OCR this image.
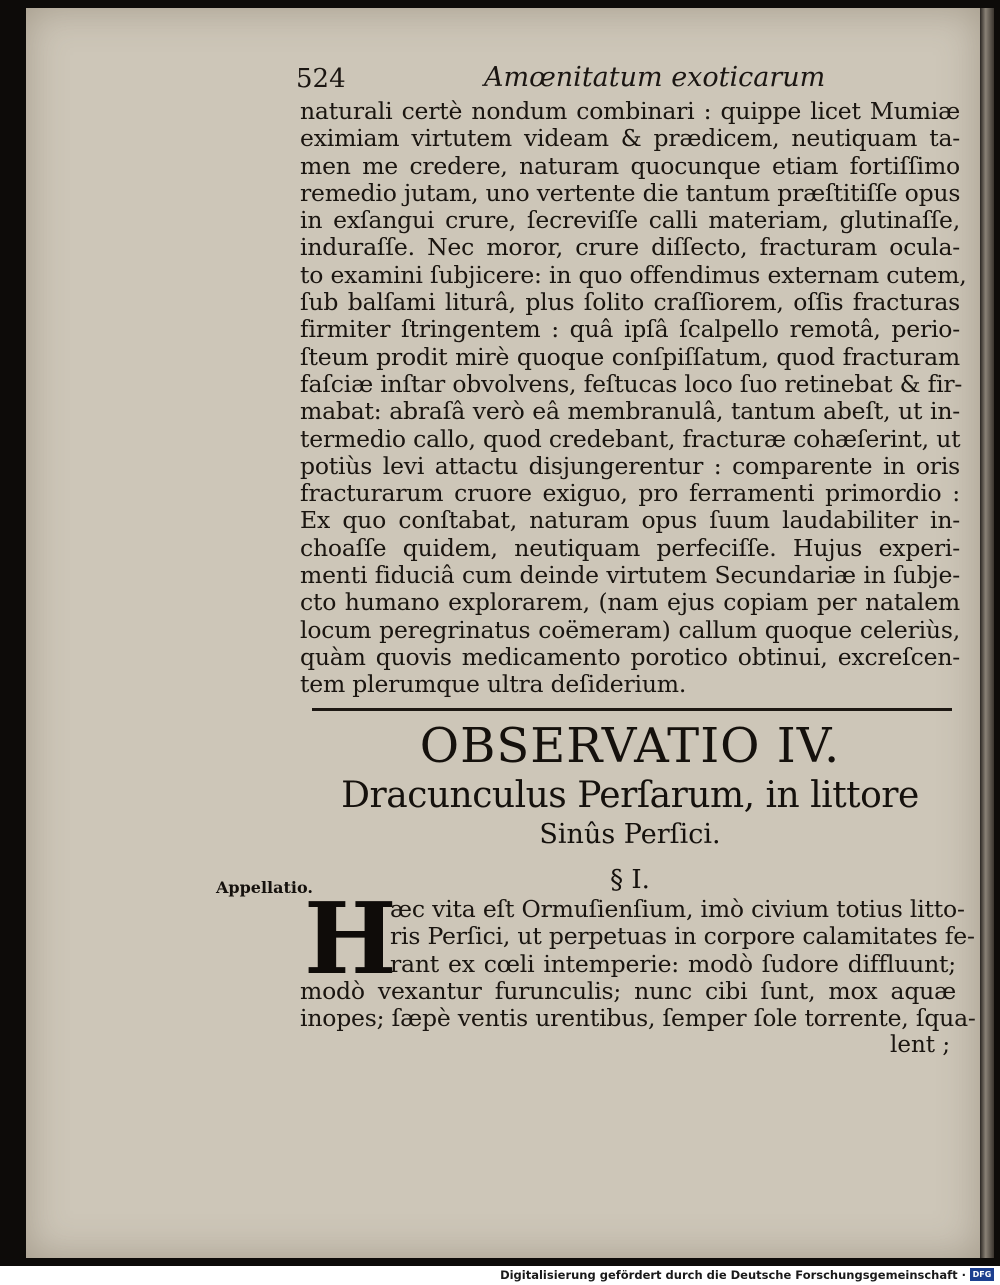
524	Amœnitatum exoticarum
naturali certè nondum combinari : quippe licet Mumiæ
eximiam virtutem videam & prædicem, neutiquam ta-
men me credere, naturam quocunque etiam fortiſſimo
remedio jutam, uno vertente die tantum præſtitiſſe opus
in exſangui crure, ſecreviſſe calli materiam, glutinaſſe,
induraſſe. Nec moror, crure diſſecto, fracturam ocula-
to examini ſubjicere: in quo offendimus externam cutem,
ſub balſami liturâ, plus ſolito craſſiorem, oſſis fracturas
firmiter ſtringentem : quâ ipſâ ſcalpello remotâ, perio-
ſteum prodit mirè quoque conſpiſſatum, quod fracturam
faſciæ inſtar obvolvens, feſtucas loco ſuo retinebat & fir-
mabat: abraſâ verò eâ membranulâ, tantum abeſt, ut in-
termedio callo, quod credebant, fracturæ cohæſerint, ut
potiùs levi attactu disjungerentur : comparente in oris
fracturarum cruore exiguo, pro ferramenti primordio :
Ex quo conſtabat, naturam opus ſuum laudabiliter in-
choaſſe quidem, neutiquam perfeciſſe. Hujus experi-
menti fiduciâ cum deinde virtutem Secundariæ in ſubje-
cto humano explorarem, (nam ejus copiam per natalem
locum peregrinatus coëmeram) callum quoque celeriùs,
quàm quovis medicamento porotico obtinui, excreſcen-
tem plerumque ultra deſiderium.
OBSERVATIO IV.
Dracunculus Perſarum, in littore
Sinûs Perſici.
Appellatio.	§ I.
H
æc vita eſt Ormuſienſium, imò civium totius litto-
ris Perſici, ut perpetuas in corpore calamitates fe-
rant ex cœli intemperie: modò ſudore diffluunt;
modò vexantur furunculis; nunc cibi ſunt, mox aquæ
inopes; ſæpè ventis urentibus, ſemper ſole torrente, ſqua-
lent ;
Digitalisierung gefördert durch die Deutsche Forschungsgemeinschaft · DFG
